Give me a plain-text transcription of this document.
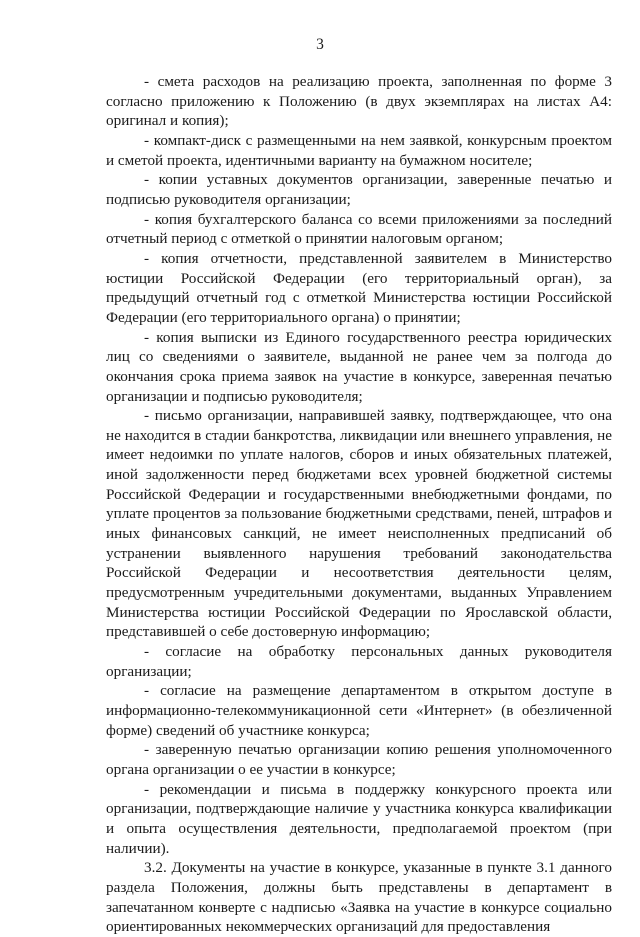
3

- смета расходов на реализацию проекта, заполненная по форме 3 согласно приложению к Положению (в двух экземплярах на листах А4: оригинал и копия);

- компакт-диск с размещенными на нем заявкой, конкурсным проектом и сметой проекта, идентичными варианту на бумажном носителе;

- копии уставных документов организации, заверенные печатью и подписью руководителя организации;

- копия бухгалтерского баланса со всеми приложениями за последний отчетный период с отметкой о принятии налоговым органом;

- копия отчетности, представленной заявителем в Министерство юстиции Российской Федерации (его территориальный орган), за предыдущий отчетный год с отметкой Министерства юстиции Российской Федерации (его территориального органа) о принятии;

- копия выписки из Единого государственного реестра юридических лиц со сведениями о заявителе, выданной не ранее чем за полгода до окончания срока приема заявок на участие в конкурсе, заверенная печатью организации и подписью руководителя;

- письмо организации, направившей заявку, подтверждающее, что она не находится в стадии банкротства, ликвидации или внешнего управления, не имеет недоимки по уплате налогов, сборов и иных обязательных платежей, иной задолженности перед бюджетами всех уровней бюджетной системы Российской Федерации и государственными внебюджетными фондами, по уплате процентов за пользование бюджетными средствами, пеней, штрафов и иных финансовых санкций, не имеет неисполненных предписаний об устранении выявленного нарушения требований законодательства Российской Федерации и несоответствия деятельности целям, предусмотренным учредительными документами, выданных Управлением Министерства юстиции Российской Федерации по Ярославской области, представившей о себе достоверную информацию;

- согласие на обработку персональных данных руководителя организации;

- согласие на размещение департаментом в открытом доступе в информационно-телекоммуникационной сети «Интернет» (в обезличенной форме) сведений об участнике конкурса;

- заверенную печатью организации копию решения уполномоченного органа организации о ее участии в конкурсе;

- рекомендации и письма в поддержку конкурсного проекта или организации, подтверждающие наличие у участника конкурса квалификации и опыта осуществления деятельности, предполагаемой проектом (при наличии).

3.2. Документы на участие в конкурсе, указанные в пункте 3.1 данного раздела Положения, должны быть представлены в департамент в запечатанном конверте с надписью «Заявка на участие в конкурсе социально ориентированных некоммерческих организаций для предоставления
